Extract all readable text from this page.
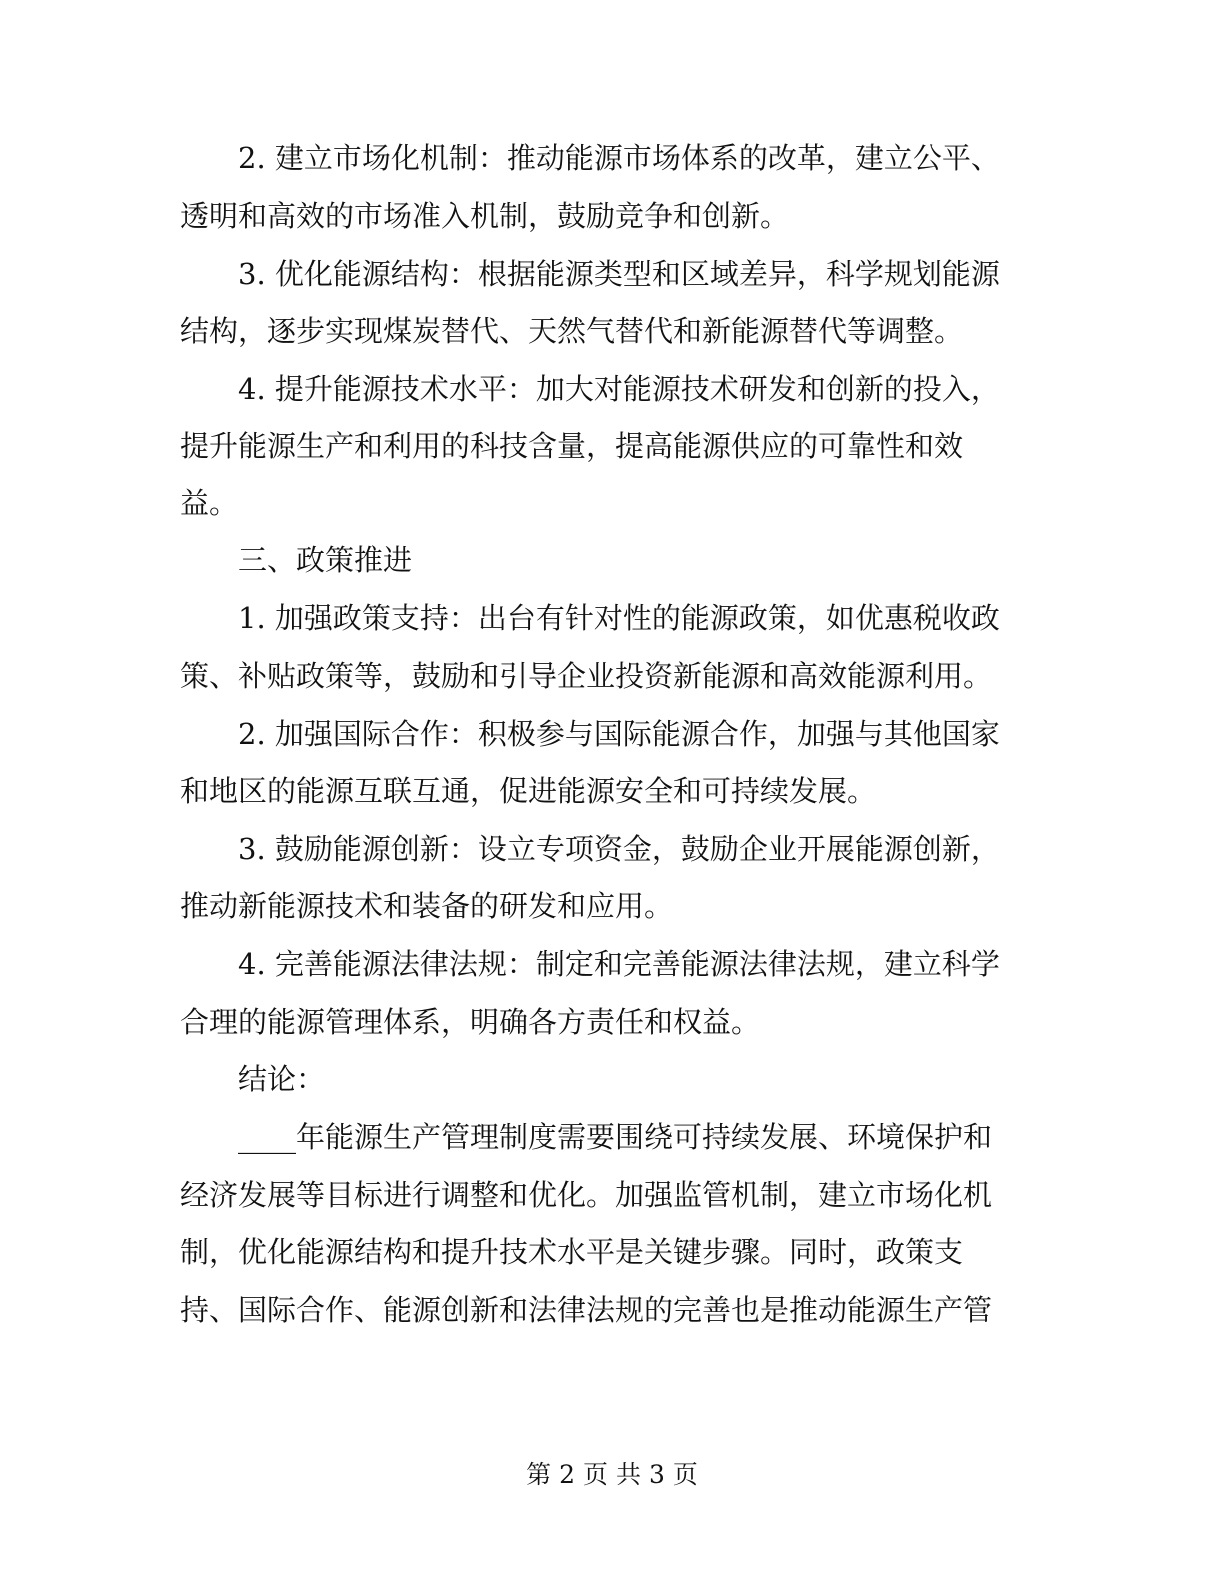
2. 建立市场化机制：推动能源市场体系的改革，建立公平、
透明和高效的市场准入机制，鼓励竞争和创新。
3. 优化能源结构：根据能源类型和区域差异，科学规划能源
结构，逐步实现煤炭替代、天然气替代和新能源替代等调整。
4. 提升能源技术水平：加大对能源技术研发和创新的投入，
提升能源生产和利用的科技含量，提高能源供应的可靠性和效
益。
三、政策推进
1. 加强政策支持：出台有针对性的能源政策，如优惠税收政
策、补贴政策等，鼓励和引导企业投资新能源和高效能源利用。
2. 加强国际合作：积极参与国际能源合作，加强与其他国家
和地区的能源互联互通，促进能源安全和可持续发展。
3. 鼓励能源创新：设立专项资金，鼓励企业开展能源创新，
推动新能源技术和装备的研发和应用。
4. 完善能源法律法规：制定和完善能源法律法规，建立科学
合理的能源管理体系，明确各方责任和权益。
结论：
____年能源生产管理制度需要围绕可持续发展、环境保护和
经济发展等目标进行调整和优化。加强监管机制，建立市场化机
制，优化能源结构和提升技术水平是关键步骤。同时，政策支
持、国际合作、能源创新和法律法规的完善也是推动能源生产管
第 2 页 共 3 页
